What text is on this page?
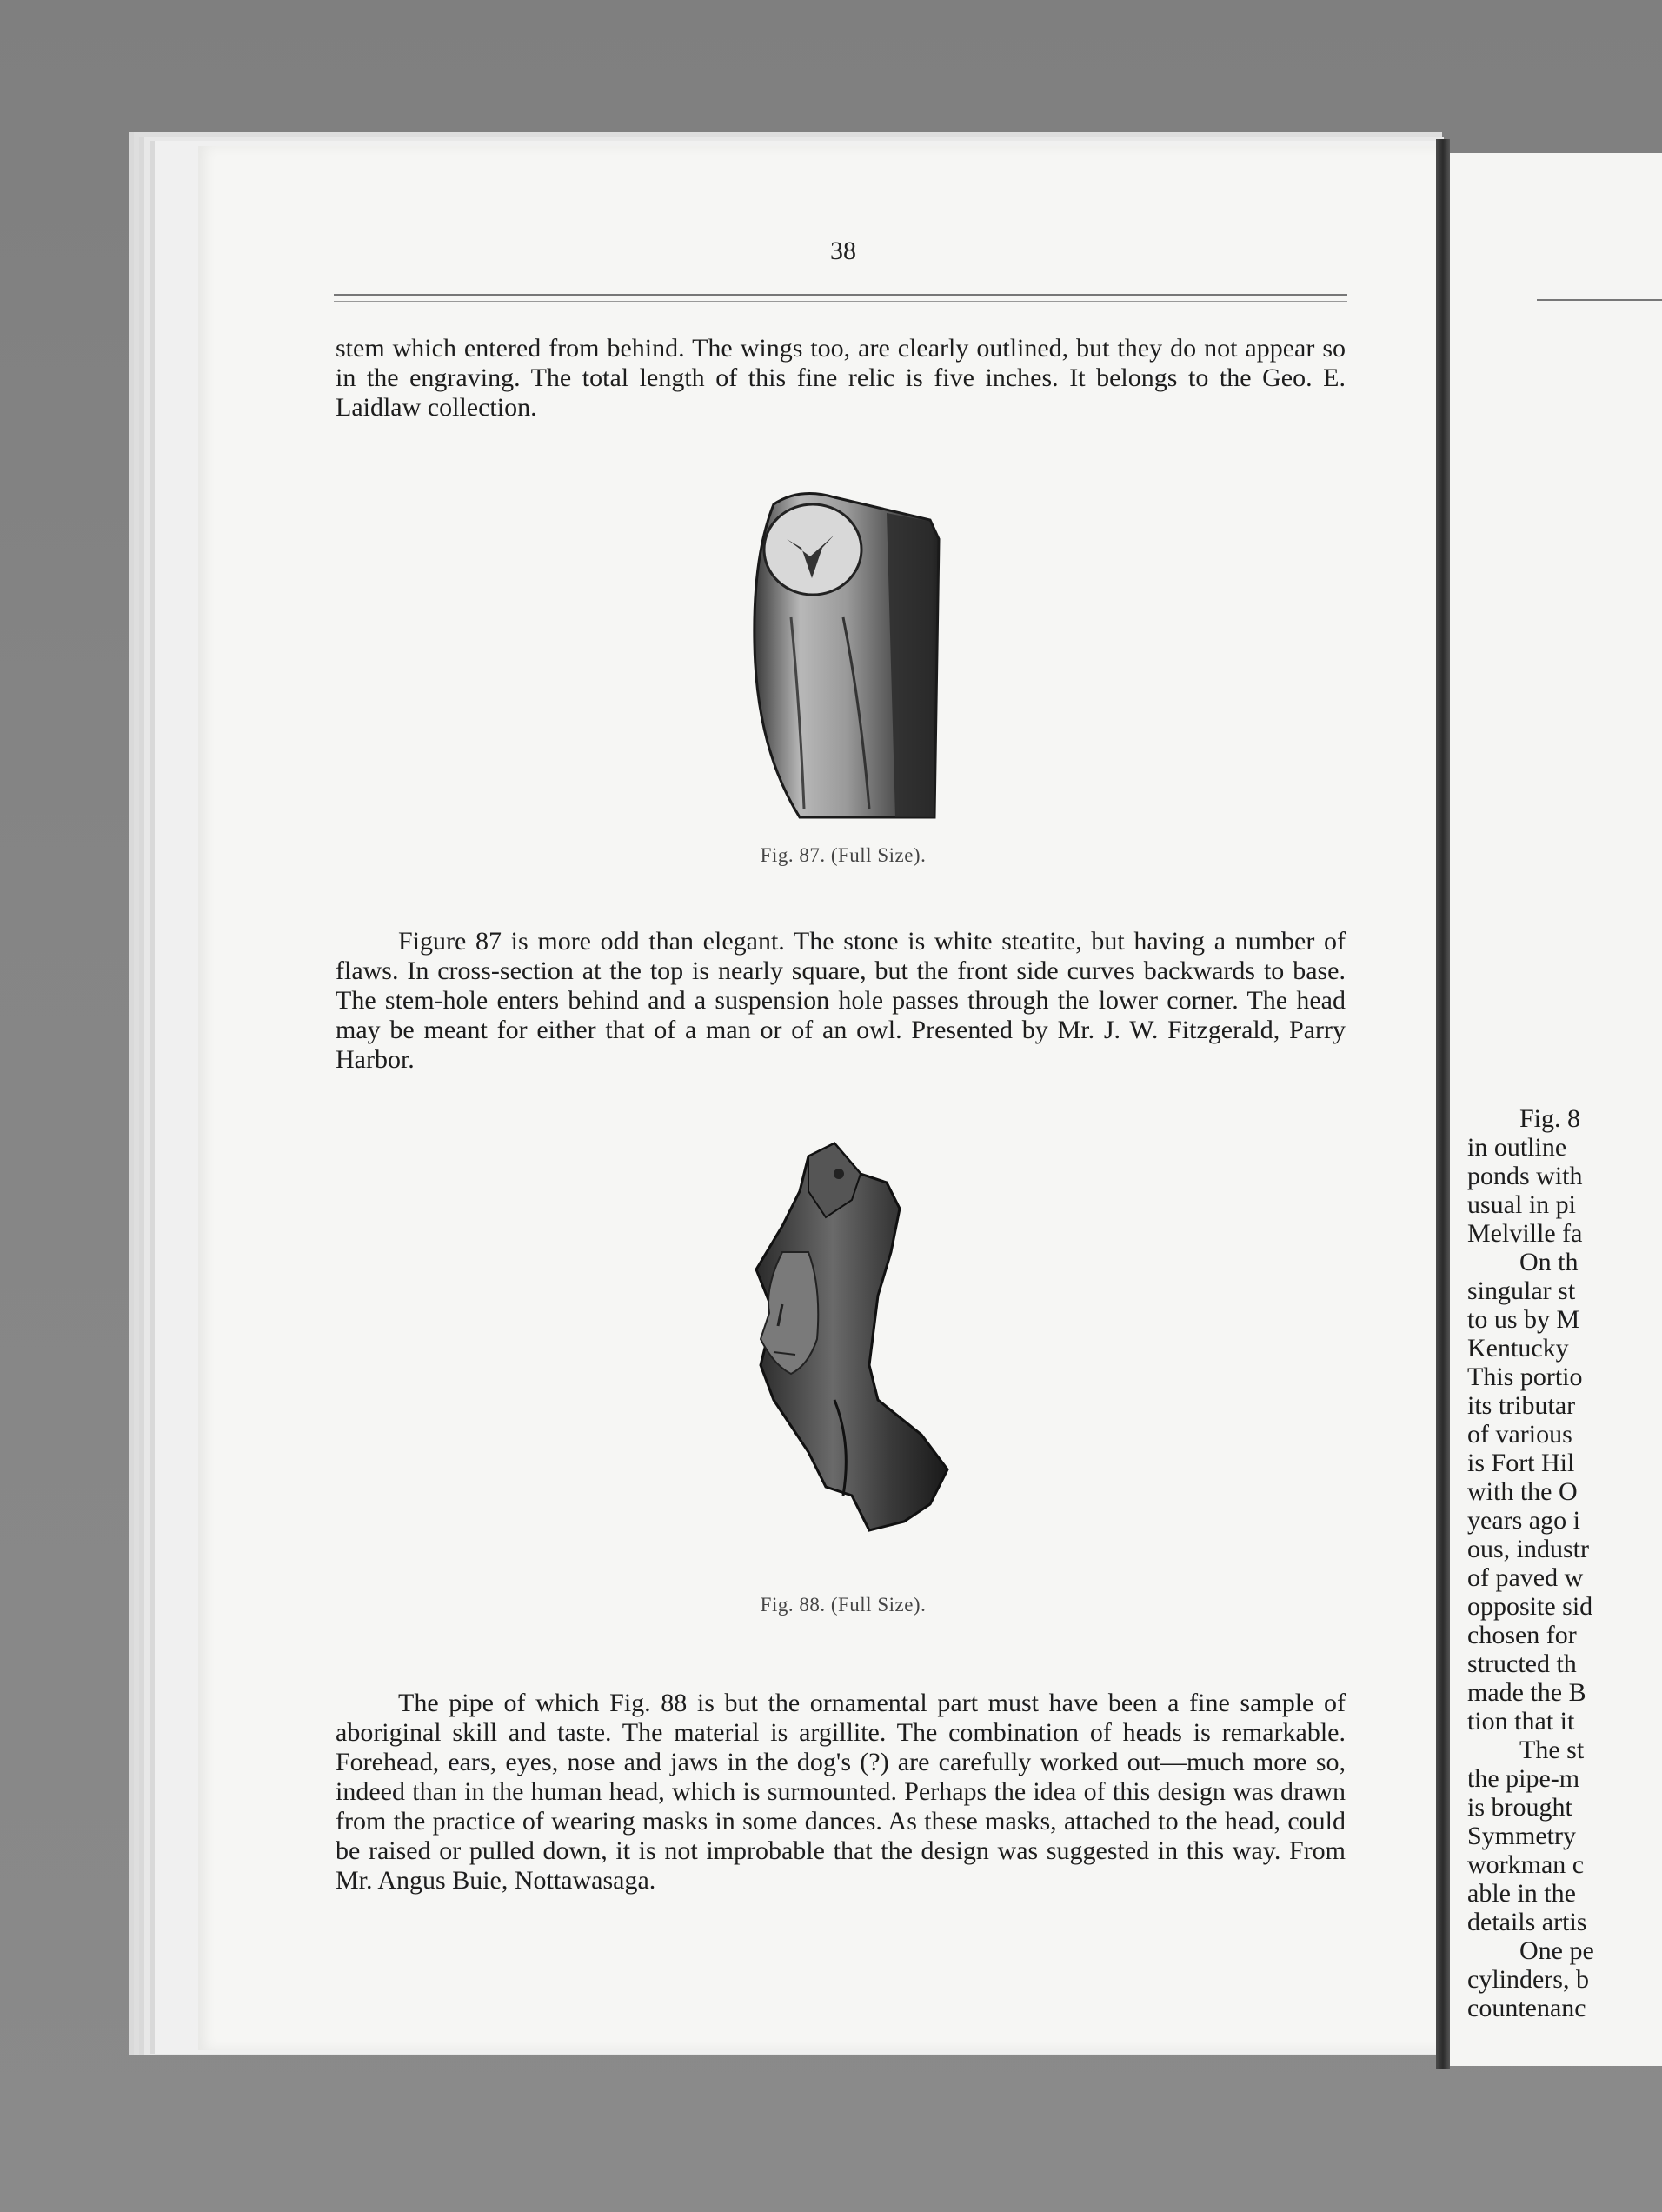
38

stem which entered from behind. The wings too, are clearly outlined, but they do not appear so in the engraving. The total length of this fine relic is five inches. It belongs to the Geo. E. Laidlaw collection.

Fig. 87. (Full Size).

Figure 87 is more odd than elegant. The stone is white steatite, but having a number of flaws. In cross-section at the top is nearly square, but the front side curves backwards to base. The stem-hole enters behind and a suspension hole passes through the lower corner. The head may be meant for either that of a man or of an owl. Presented by Mr. J. W. Fitzgerald, Parry Harbor.

Fig. 88. (Full Size).

The pipe of which Fig. 88 is but the ornamental part must have been a fine sample of aboriginal skill and taste. The material is argillite. The combination of heads is remarkable. Forehead, ears, eyes, nose and jaws in the dog's (?) are carefully worked out—much more so, indeed than in the human head, which is surmounted. Perhaps the idea of this design was drawn from the practice of wearing masks in some dances. As these masks, attached to the head, could be raised or pulled down, it is not improbable that the design was suggested in this way. From Mr. Angus Buie, Nottawasaga.

Fig. 8
in outline
ponds with
usual in pi
Melville fa
On th
singular st
to us by M
Kentucky
This portio
its tributar
of various
is Fort Hil
with the O
years ago i
ous, industr
of paved w
opposite sid
chosen for
structed th
made the B
tion that it
The st
the pipe-m
is brought
Symmetry
workman c
able in the
details artis
One pe
cylinders, b
countenanc
